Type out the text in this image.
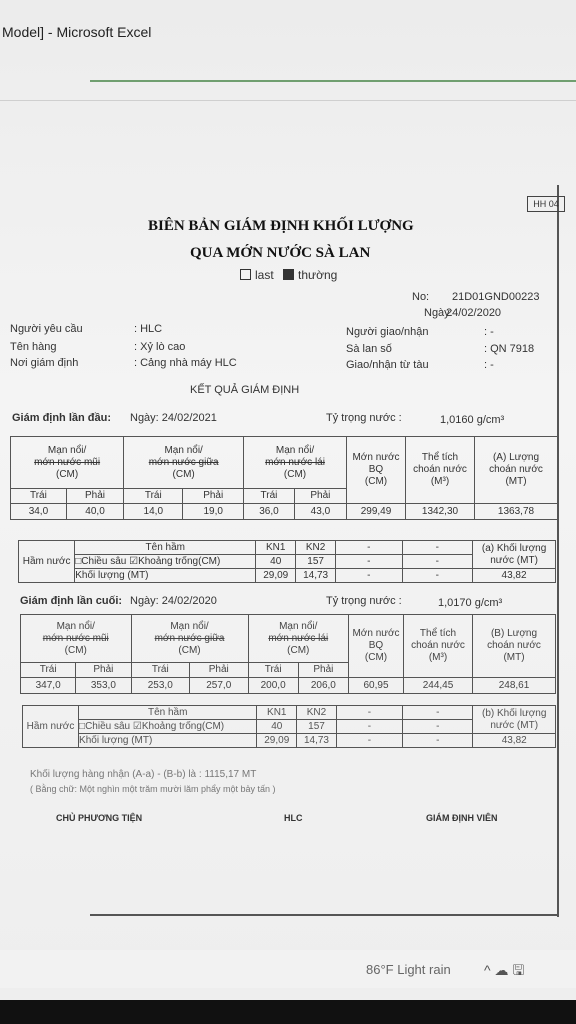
Model] - Microsoft Excel
HH 04
BIÊN BẢN GIÁM ĐỊNH KHỐI LƯỢNG
QUA MỚN NƯỚC SÀ LAN
last thường
No: 21D01GND00223
Ngày:
24/02/2020
Người yêu cầu	: HLC
Tên hàng	: Xỷ lò cao
Nơi giám định	: Cảng nhà máy HLC
Người giao/nhận	: -
Sà lan số	: QN 7918
Giao/nhận từ tàu	: -
KẾT QUẢ GIÁM ĐỊNH
Giám định lần đầu: Ngày: 24/02/2021	Tỷ trọng nước :	1,0160 g/cm³
Mạn nổi/
mớn nước mũi
(CM)		Mạn nổi/
mớn nước giữa
(CM)		Mạn nổi/
mớn nước lái
(CM)		Mớn nước
BQ
(CM)	Thể tích
choán nước
(M³)	(A) Lượng
choán nước
(MT)
Trái	Phải	Trái	Phải	Trái	Phải			
34,0	40,0	14,0	19,0	36,0	43,0	299,49	1342,30	1363,78
Hầm nước	Tên hầm	KN1	KN2	-	-	(a) Khối lượng nước (MT)
	□Chiều sâu ☑Khoảng trống(CM)	40	157	-	-	
	Khối lượng (MT)	29,09	14,73	-	-	43,82
Giám định lần cuối: Ngày: 24/02/2020	Tỷ trọng nước :	1,0170 g/cm³
Mạn nổi/
mớn nước mũi
(CM)		Mạn nổi/
mớn nước giữa
(CM)		Mạn nổi/
mớn nước lái
(CM)		Mớn nước
BQ
(CM)	Thể tích
choán nước
(M³)	(B) Lượng
choán nước
(MT)
Trái	Phải	Trái	Phải	Trái	Phải			
347,0	353,0	253,0	257,0	200,0	206,0	60,95	244,45	248,61
Hầm nước	Tên hầm	KN1	KN2	-	-	(b) Khối lượng nước (MT)
	□Chiều sâu ☑Khoảng trống(CM)	40	157	-	-	
	Khối lượng (MT)	29,09	14,73	-	-	43,82
Khối lượng hàng nhận (A-a) - (B-b) là : 1115,17 MT
( Bằng chữ: Một nghìn một trăm mười lăm phẩy một bảy tấn )
CHỦ PHƯƠNG TIỆN	HLC	GIÁM ĐỊNH VIÊN
86°F Light rain ^ ☁ 🖫
